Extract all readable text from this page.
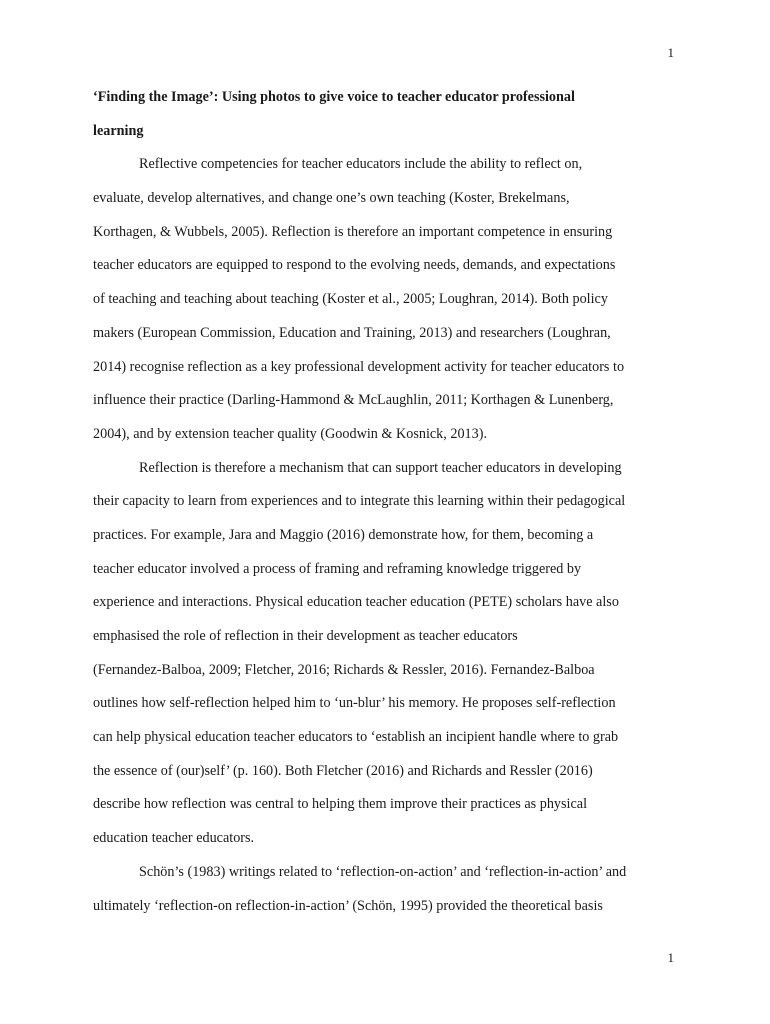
1
‘Finding the Image’: Using photos to give voice to teacher educator professional
learning
Reflective competencies for teacher educators include the ability to reflect on,
evaluate, develop alternatives, and change one’s own teaching (Koster, Brekelmans,
Korthagen, & Wubbels, 2005). Reflection is therefore an important competence in ensuring
teacher educators are equipped to respond to the evolving needs, demands, and expectations
of teaching and teaching about teaching (Koster et al., 2005; Loughran, 2014). Both policy
makers (European Commission, Education and Training, 2013) and researchers (Loughran,
2014) recognise reflection as a key professional development activity for teacher educators to
influence their practice (Darling-Hammond & McLaughlin, 2011; Korthagen & Lunenberg,
2004), and by extension teacher quality (Goodwin & Kosnick, 2013).
Reflection is therefore a mechanism that can support teacher educators in developing
their capacity to learn from experiences and to integrate this learning within their pedagogical
practices. For example, Jara and Maggio (2016) demonstrate how, for them, becoming a
teacher educator involved a process of framing and reframing knowledge triggered by
experience and interactions. Physical education teacher education (PETE) scholars have also
emphasised the role of reflection in their development as teacher educators
(Fernandez-Balboa, 2009; Fletcher, 2016; Richards & Ressler, 2016). Fernandez-Balboa
outlines how self-reflection helped him to ‘un-blur’ his memory. He proposes self-reflection
can help physical education teacher educators to ‘establish an incipient handle where to grab
the essence of (our)self’ (p. 160). Both Fletcher (2016) and Richards and Ressler (2016)
describe how reflection was central to helping them improve their practices as physical
education teacher educators.
Schön’s (1983) writings related to ‘reflection-on-action’ and ‘reflection-in-action’ and
ultimately ‘reflection-on reflection-in-action’ (Schön, 1995) provided the theoretical basis
1
